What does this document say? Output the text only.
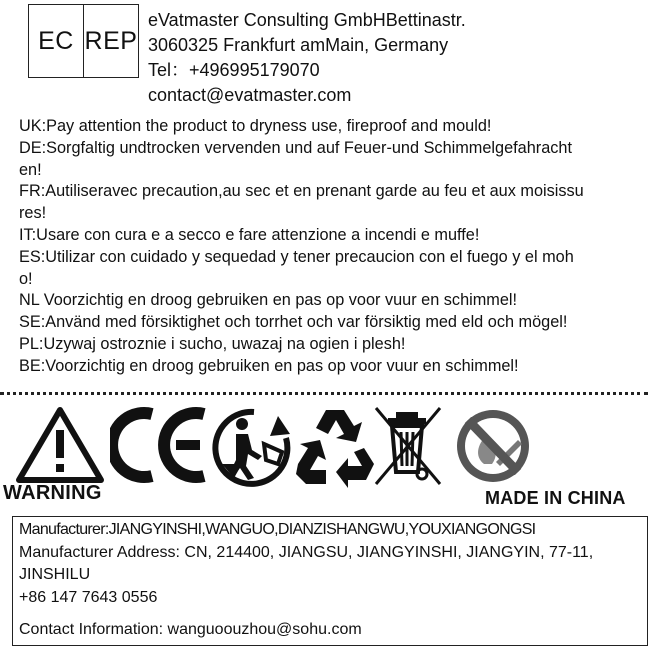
EC REP
eVatmaster Consulting GmbHBettinastr.
3060325 Frankfurt amMain, Germany
Tel：+496995179070
contact@evatmaster.com
UK:Pay attention the product to dryness use, fireproof and mould!
DE:Sorgfaltig undtrocken vervenden und auf Feuer-und Schimmelgefahracht
en!
FR:Autiliseravec precaution,au sec et en prenant garde au feu et aux moisissu
res!
IT:Usare con cura e a secco e fare attenzione a incendi e muffe!
ES:Utilizar con cuidado y sequedad y tener precaucion con el fuego y el moh
o!
NL Voorzichtig en droog gebruiken en pas op voor vuur en schimmel!
SE:Använd med försiktighet och torrhet och var försiktig med eld och mögel!
PL:Uzywaj ostroznie i sucho, uwazaj na ogien i plesh!
BE:Voorzichtig en droog gebruiken en pas op voor vuur en schimmel!
WARNING	MADE IN CHINA
Manufacturer:JIANGYINSHI,WANGUO,DIANZISHANGWU,YOUXIANGONGSI
Manufacturer Address: CN, 214400, JIANGSU, JIANGYINSHI, JIANGYIN, 77-11,
JINSHILU
+86 147 7643 0556
Contact Information: wanguoouzhou@sohu.com
